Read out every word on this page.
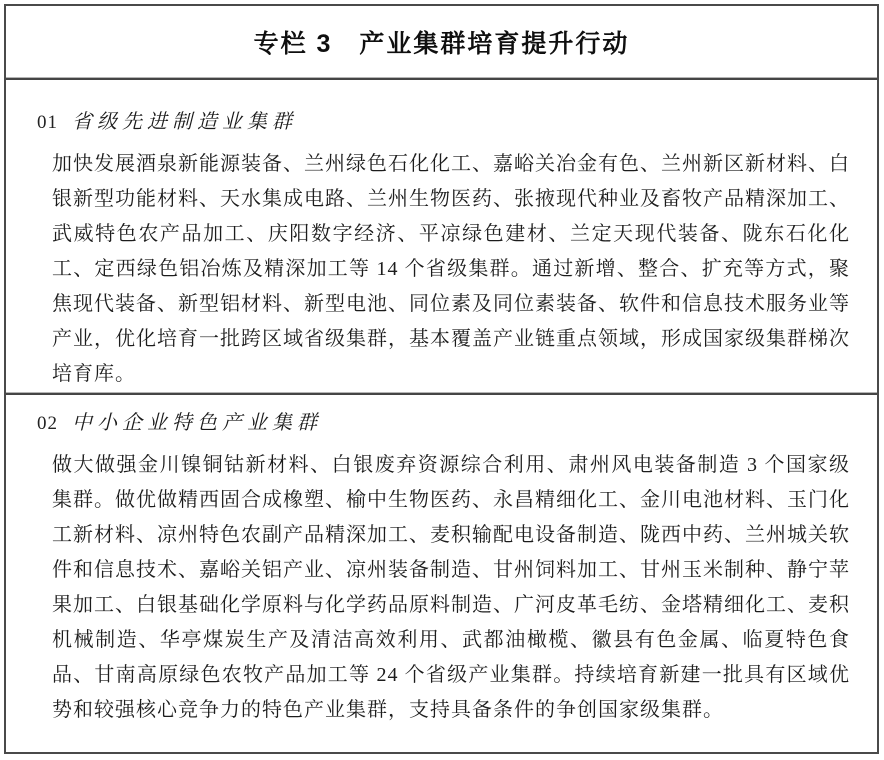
专栏 3　产业集群培育提升行动
01 省级先进制造业集群

加快发展酒泉新能源装备、兰州绿色石化化工、嘉峪关冶金有色、兰州新区新材料、白银新型功能材料、天水集成电路、兰州生物医药、张掖现代种业及畜牧产品精深加工、武威特色农产品加工、庆阳数字经济、平凉绿色建材、兰定天现代装备、陇东石化化工、定西绿色铝冶炼及精深加工等 14 个省级集群。通过新增、整合、扩充等方式，聚焦现代装备、新型铝材料、新型电池、同位素及同位素装备、软件和信息技术服务业等产业，优化培育一批跨区域省级集群，基本覆盖产业链重点领域，形成国家级集群梯次培育库。

02 中小企业特色产业集群

做大做强金川镍铜钴新材料、白银废弃资源综合利用、肃州风电装备制造 3 个国家级集群。做优做精西固合成橡塑、榆中生物医药、永昌精细化工、金川电池材料、玉门化工新材料、凉州特色农副产品精深加工、麦积输配电设备制造、陇西中药、兰州城关软件和信息技术、嘉峪关铝产业、凉州装备制造、甘州饲料加工、甘州玉米制种、静宁苹果加工、白银基础化学原料与化学药品原料制造、广河皮革毛纺、金塔精细化工、麦积机械制造、华亭煤炭生产及清洁高效利用、武都油橄榄、徽县有色金属、临夏特色食品、甘南高原绿色农牧产品加工等 24 个省级产业集群。持续培育新建一批具有区域优势和较强核心竞争力的特色产业集群，支持具备条件的争创国家级集群。
